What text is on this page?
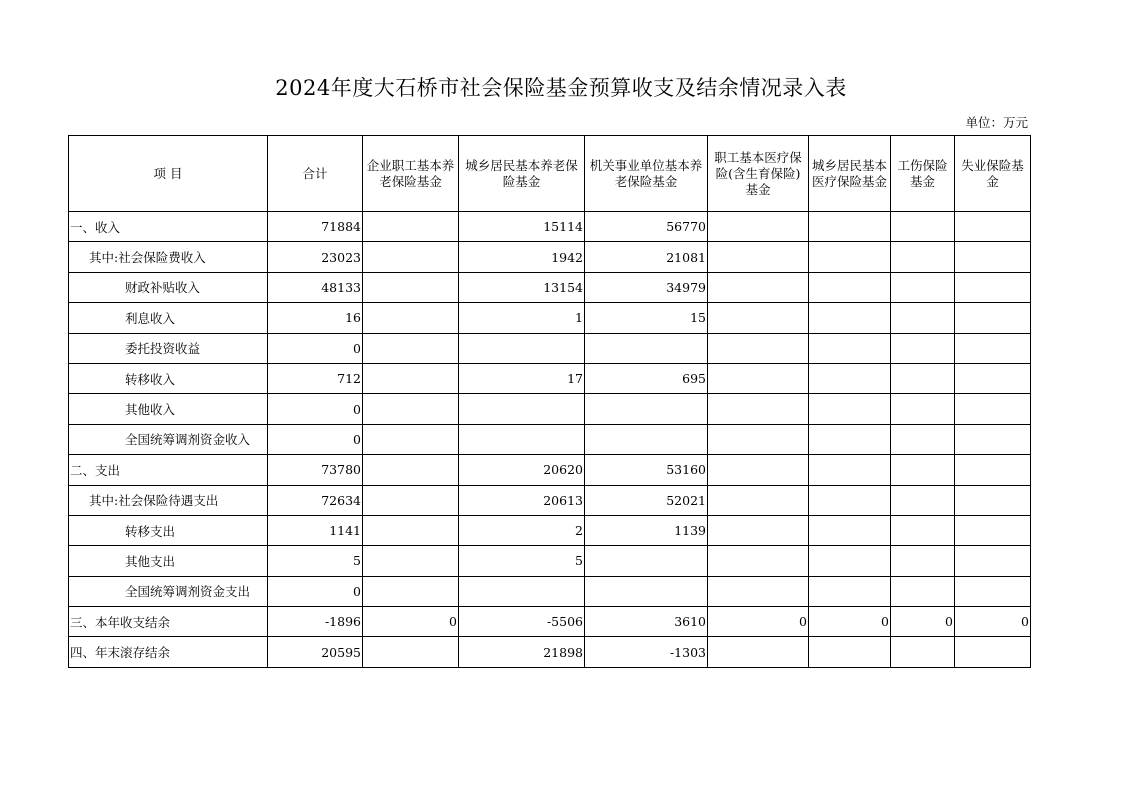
2024年度大石桥市社会保险基金预算收支及结余情况录入表
单位：万元
项 目	合计	企业职工基本养老保险基金	城乡居民基本养老保险基金	机关事业单位基本养老保险基金	职工基本医疗保险(含生育保险)基金	城乡居民基本医疗保险基金	工伤保险基金	失业保险基金
一、收入	71884		15114	56770				
其中:社会保险费收入	23023		1942	21081				
财政补贴收入	48133		13154	34979				
利息收入	16		1	15				
委托投资收益	0							
转移收入	712		17	695				
其他收入	0							
全国统筹调剂资金收入	0							
二、支出	73780		20620	53160				
其中:社会保险待遇支出	72634		20613	52021				
转移支出	1141		2	1139				
其他支出	5		5					
全国统筹调剂资金支出	0							
三、本年收支结余	-1896	0	-5506	3610	0	0	0	0
四、年末滚存结余	20595		21898	-1303				
